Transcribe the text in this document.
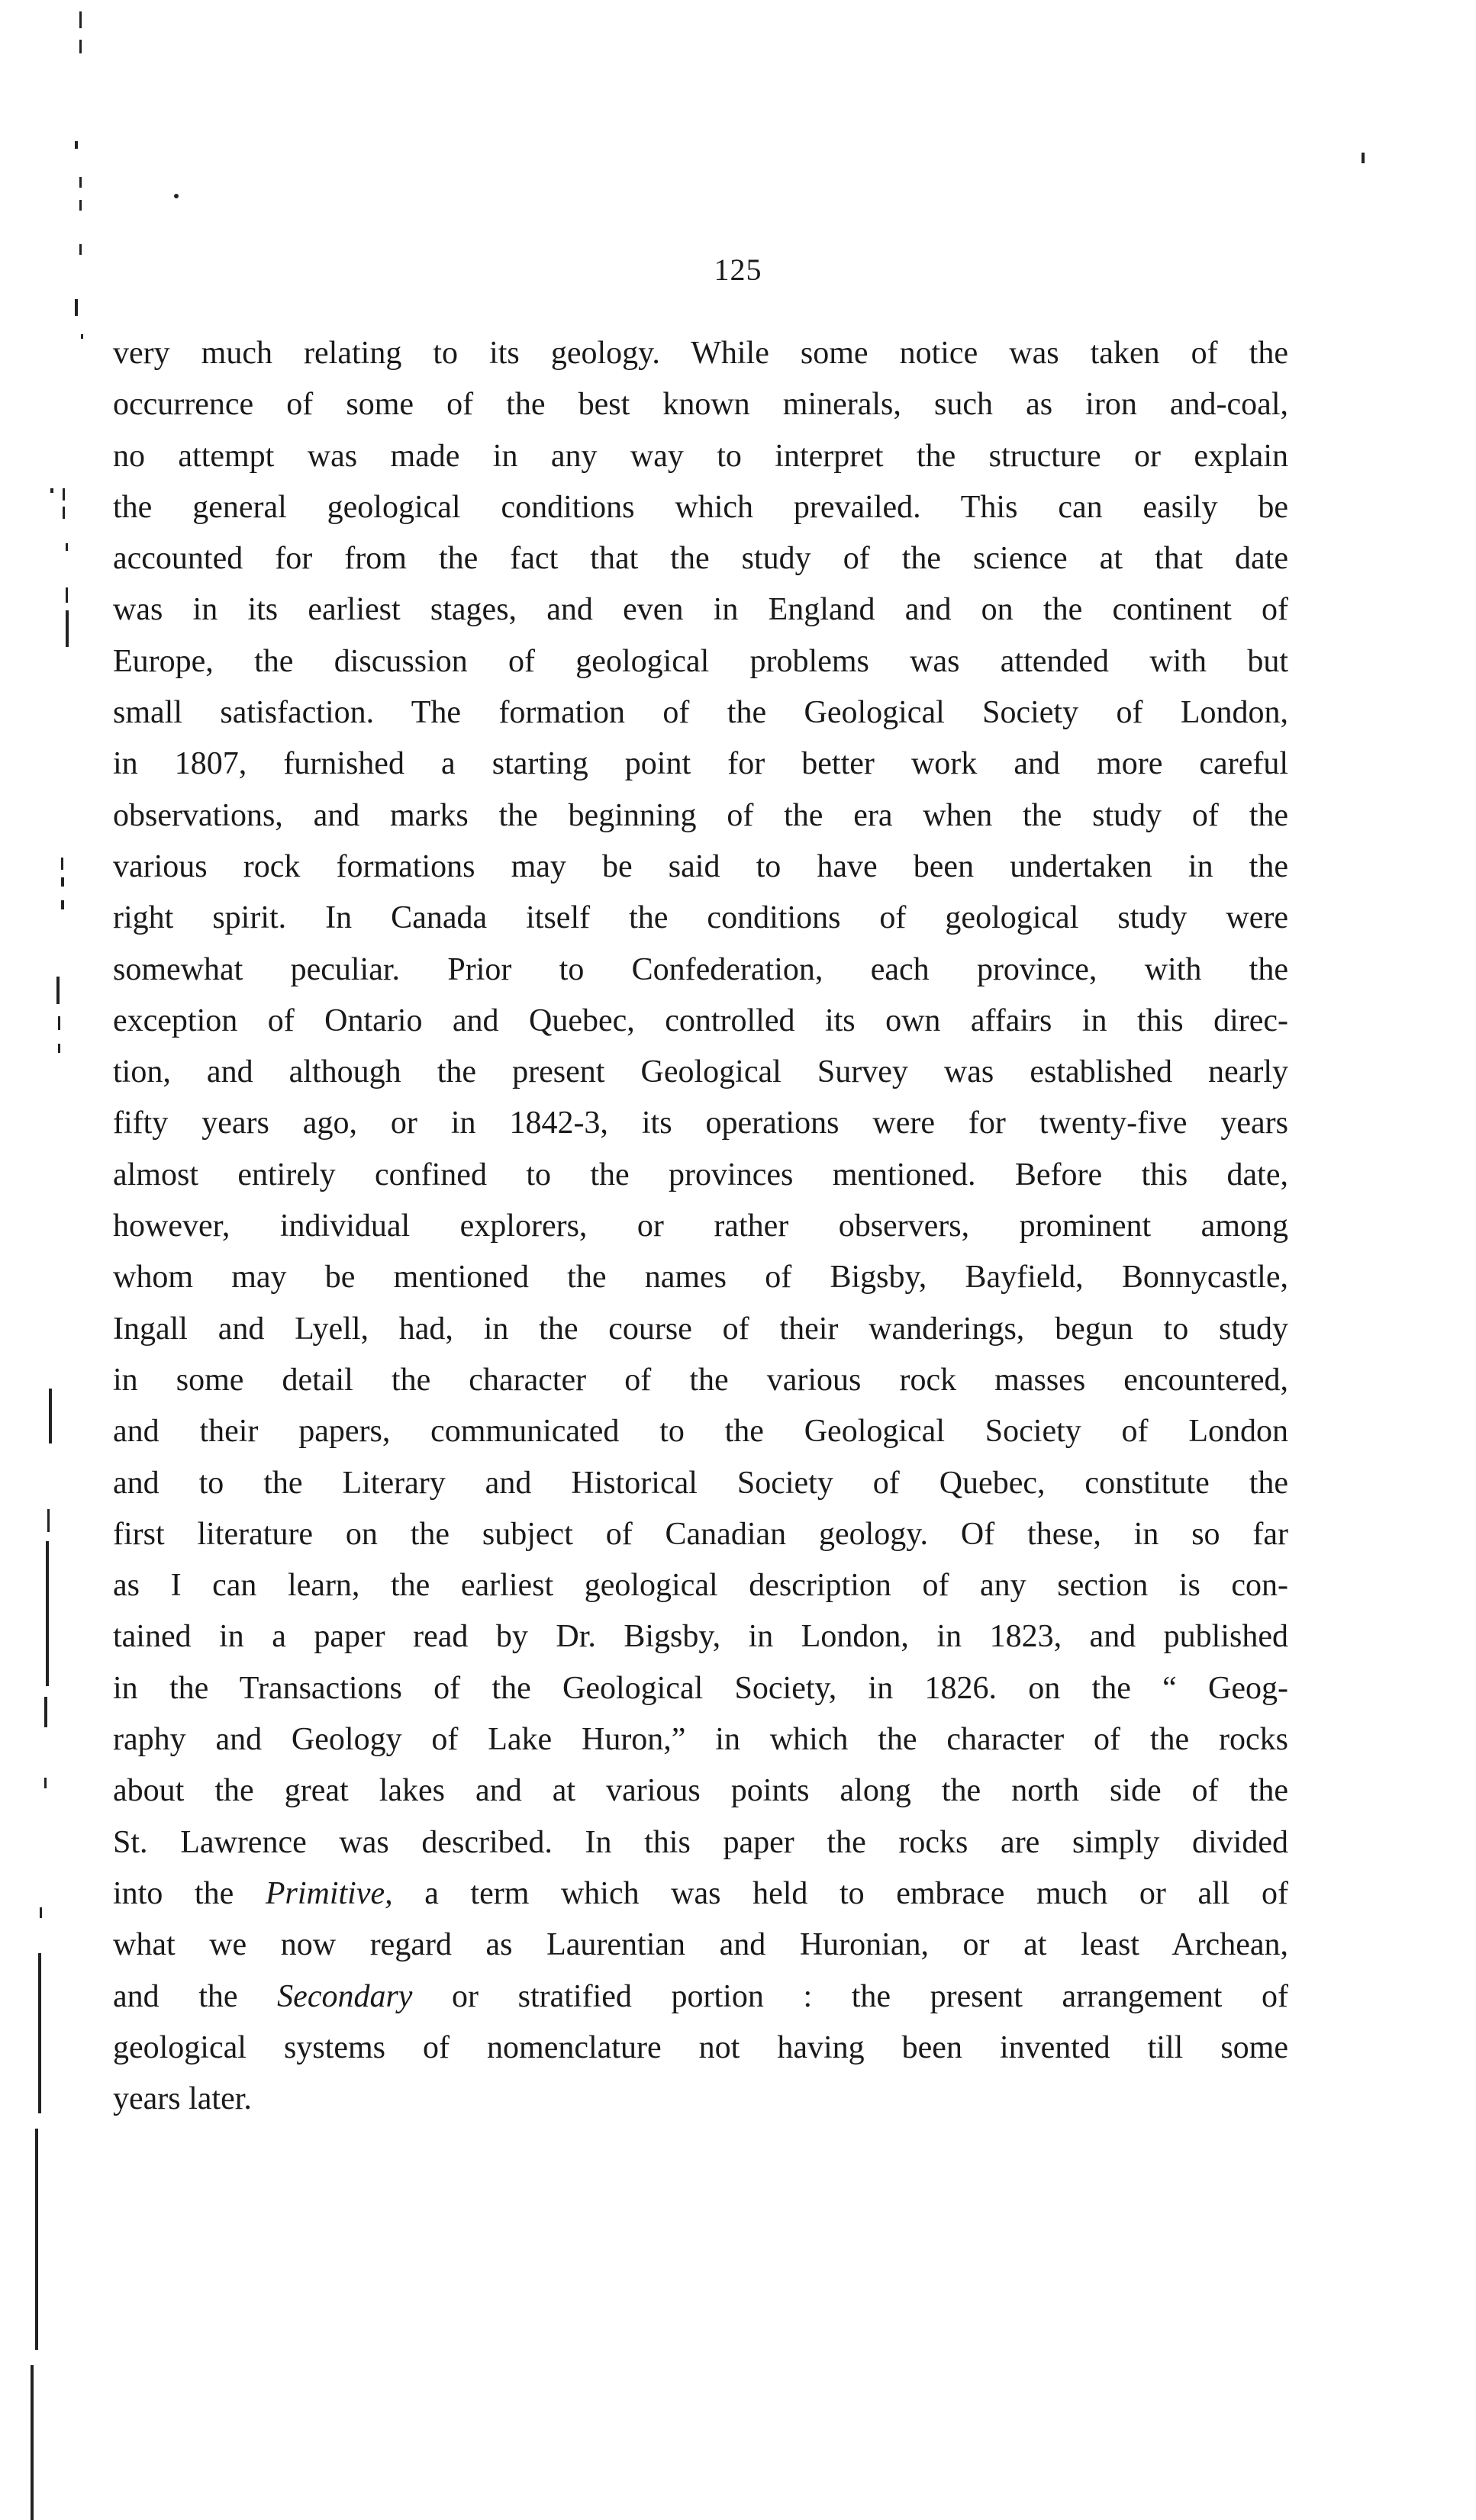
125
very much relating to its geology. While some notice was taken of the
occurrence of some of the best known minerals, such as iron and-coal,
no attempt was made in any way to interpret the structure or explain
the general geological conditions which prevailed. This can easily be
accounted for from the fact that the study of the science at that date
was in its earliest stages, and even in England and on the continent of
Europe, the discussion of geological problems was attended with but
small satisfaction. The formation of the Geological Society of London,
in 1807, furnished a starting point for better work and more careful
observations, and marks the beginning of the era when the study of the
various rock formations may be said to have been undertaken in the
right spirit. In Canada itself the conditions of geological study were
somewhat peculiar. Prior to Confederation, each province, with the
exception of Ontario and Quebec, controlled its own affairs in this direc-
tion, and although the present Geological Survey was established nearly
fifty years ago, or in 1842-3, its operations were for twenty-five years
almost entirely confined to the provinces mentioned. Before this date,
however, individual explorers, or rather observers, prominent among
whom may be mentioned the names of Bigsby, Bayfield, Bonnycastle,
Ingall and Lyell, had, in the course of their wanderings, begun to study
in some detail the character of the various rock masses encountered,
and their papers, communicated to the Geological Society of London
and to the Literary and Historical Society of Quebec, constitute the
first literature on the subject of Canadian geology. Of these, in so far
as I can learn, the earliest geological description of any section is con-
tained in a paper read by Dr. Bigsby, in London, in 1823, and published
in the Transactions of the Geological Society, in 1826. on the “ Geog-
raphy and Geology of Lake Huron,” in which the character of the rocks
about the great lakes and at various points along the north side of the
St. Lawrence was described. In this paper the rocks are simply divided
into the Primitive, a term which was held to embrace much or all of
what we now regard as Laurentian and Huronian, or at least Archean,
and the Secondary or stratified portion : the present arrangement of
geological systems of nomenclature not having been invented till some
years later.
